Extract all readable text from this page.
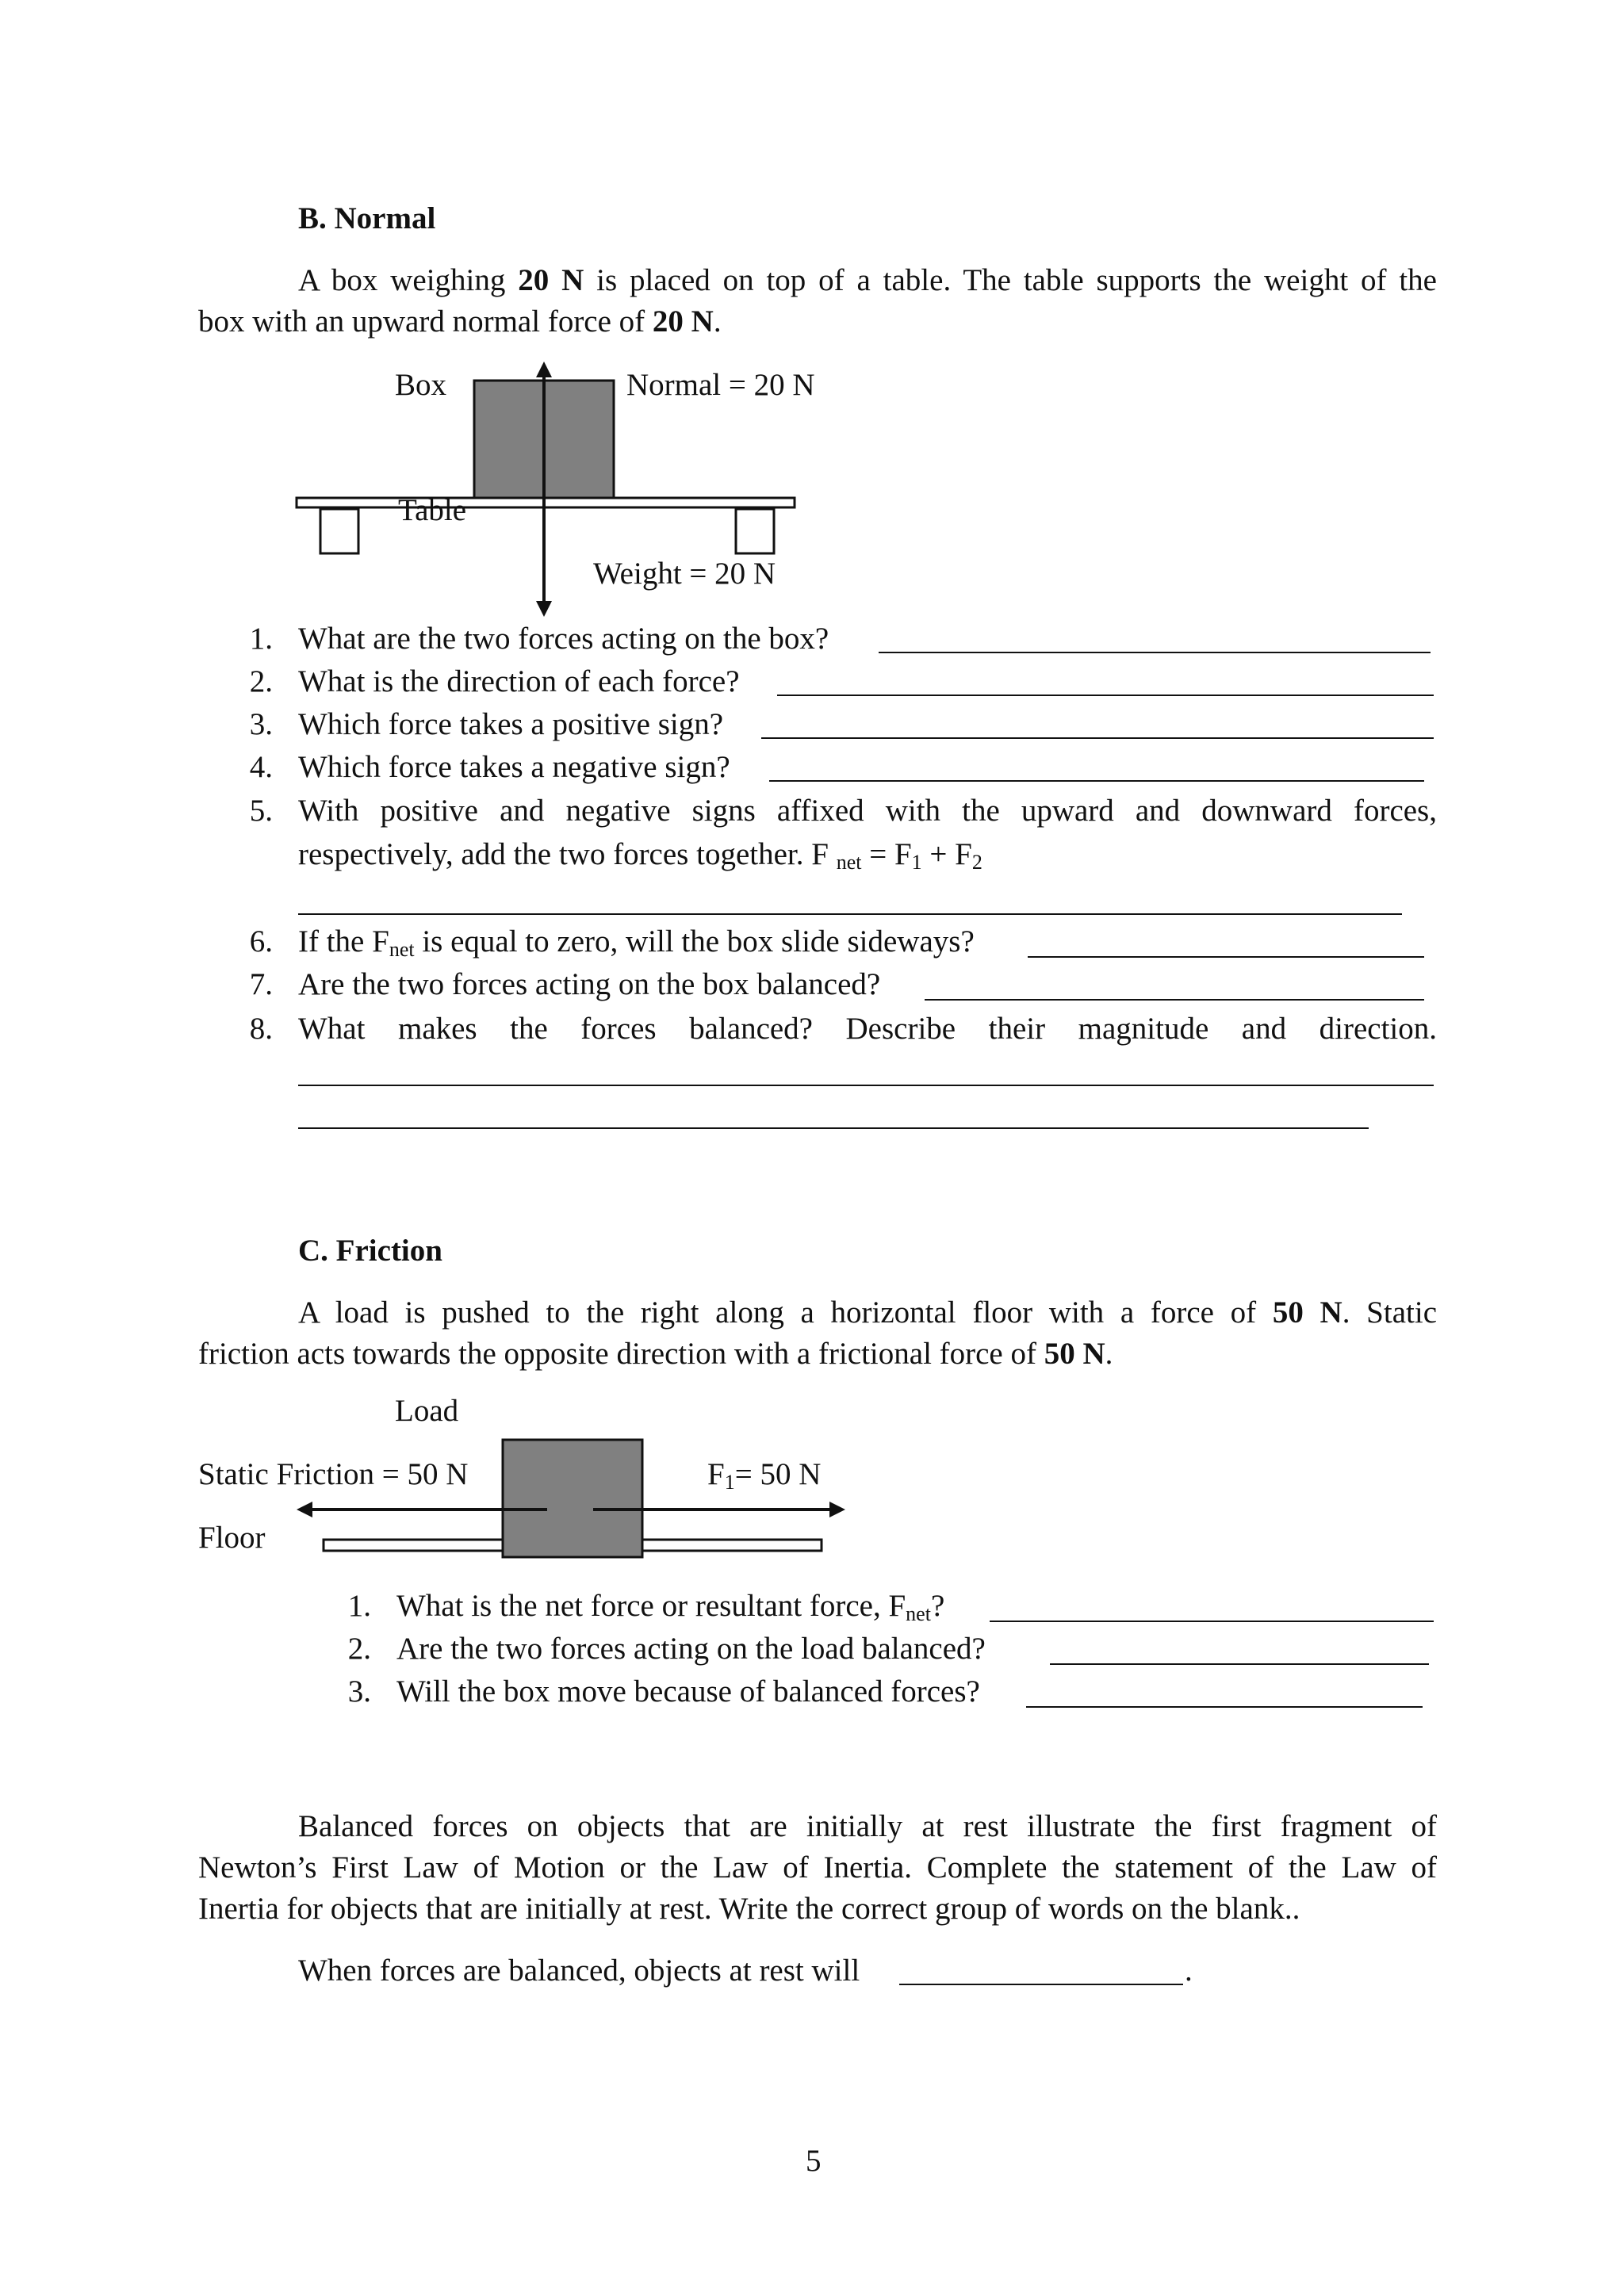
B. Normal

A box weighing 20 N is placed on top of a table. The table supports the weight of the

box with an upward normal force of 20 N.

Box	Normal = 20 N
Table
Weight = 20 N
1. What are the two forces acting on the box?

2. What is the direction of each force?

3. Which force takes a positive sign?

4. Which force takes a negative sign?

5. With positive and negative signs affixed with the upward and downward forces,

respectively, add the two forces together. F $_{net} = F_1 + F_2$

6. If the $F_{net}$ is equal to zero, will the box slide sideways?

7. Are the two forces acting on the box balanced?

8. What makes the forces balanced? Describe their magnitude and direction.

C. Friction

A load is pushed to the right along a horizontal floor with a force of 50 N. Static

friction acts towards the opposite direction with a frictional force of 50 N.

Load
Static Friction = 50 N	F1= 50 N
Floor
1. What is the net force or resultant force, $F_{net}$?

2. Are the two forces acting on the load balanced?

3. Will the box move because of balanced forces?

Balanced forces on objects that are initially at rest illustrate the first fragment of

Newton’s First Law of Motion or the Law of Inertia. Complete the statement of the Law of

Inertia for objects that are initially at rest. Write the correct group of words on the blank..

When forces are balanced, objects at rest will	.

5
